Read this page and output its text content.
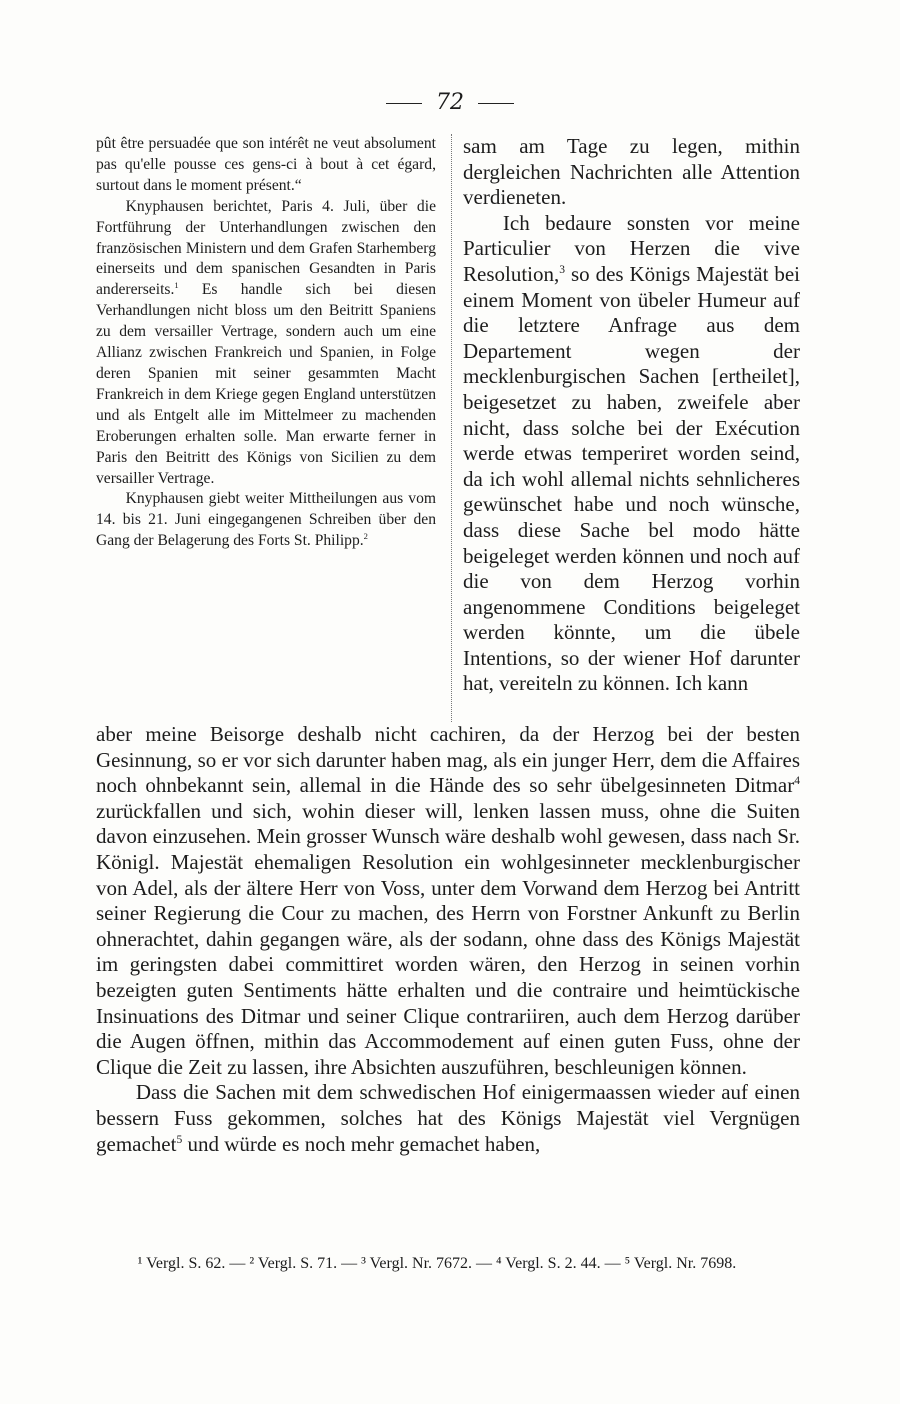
72

pût être persuadée que son intérêt ne veut absolument pas qu'elle pousse ces gens-ci à bout à cet égard, surtout dans le moment présent.“

Knyphausen berichtet, Paris 4. Juli, über die Fortführung der Unterhandlungen zwischen den französischen Ministern und dem Grafen Starhemberg einerseits und dem spanischen Gesandten in Paris andererseits.$^1$ Es handle sich bei diesen Verhandlungen nicht bloss um den Beitritt Spaniens zu dem versailler Vertrage, sondern auch um eine Allianz zwischen Frankreich und Spanien, in Folge deren Spanien mit seiner gesammten Macht Frankreich in dem Kriege gegen England unterstützen und als Entgelt alle im Mittelmeer zu machenden Eroberungen erhalten solle. Man erwarte ferner in Paris den Beitritt des Königs von Sicilien zu dem versailler Vertrage.

Knyphausen giebt weiter Mittheilungen aus vom 14. bis 21. Juni eingegangenen Schreiben über den Gang der Belagerung des Forts St. Philipp.$^2$

sam am Tage zu legen, mithin dergleichen Nachrichten alle Attention verdieneten.

Ich bedaure sonsten vor meine Particulier von Herzen die vive Resolution,$^3$ so des Königs Majestät bei einem Moment von übeler Humeur auf die letztere Anfrage aus dem Departement wegen der mecklenburgischen Sachen [ertheilet], beigesetzet zu haben, zweifele aber nicht, dass solche bei der Exécution werde etwas temperiret worden seind, da ich wohl allemal nichts sehnlicheres gewünschet habe und noch wünsche, dass diese Sache bel modo hätte beigeleget werden können und noch auf die von dem Herzog vorhin angenommene Conditions beigeleget werden könnte, um die übele Intentions, so der wiener Hof darunter hat, vereiteln zu können. Ich kann

aber meine Beisorge deshalb nicht cachiren, da der Herzog bei der besten Gesinnung, so er vor sich darunter haben mag, als ein junger Herr, dem die Affaires noch ohnbekannt sein, allemal in die Hände des so sehr übelgesinneten Ditmar$^4$ zurückfallen und sich, wohin dieser will, lenken lassen muss, ohne die Suiten davon einzusehen. Mein grosser Wunsch wäre deshalb wohl gewesen, dass nach Sr. Königl. Majestät ehemaligen Resolution ein wohlgesinneter mecklenburgischer von Adel, als der ältere Herr von Voss, unter dem Vorwand dem Herzog bei Antritt seiner Regierung die Cour zu machen, des Herrn von Forstner Ankunft zu Berlin ohnerachtet, dahin gegangen wäre, als der sodann, ohne dass des Königs Majestät im geringsten dabei committiret worden wären, den Herzog in seinen vorhin bezeigten guten Sentiments hätte erhalten und die contraire und heimtückische Insinuations des Ditmar und seiner Clique contrariiren, auch dem Herzog darüber die Augen öffnen, mithin das Accommodement auf einen guten Fuss, ohne der Clique die Zeit zu lassen, ihre Absichten auszuführen, beschleunigen können.

Dass die Sachen mit dem schwedischen Hof einigermaassen wieder auf einen bessern Fuss gekommen, solches hat des Königs Majestät viel Vergnügen gemachet$^5$ und würde es noch mehr gemachet haben,

¹ Vergl. S. 62. — ² Vergl. S. 71. — ³ Vergl. Nr. 7672. — ⁴ Vergl. S. 2. 44. — ⁵ Vergl. Nr. 7698.
